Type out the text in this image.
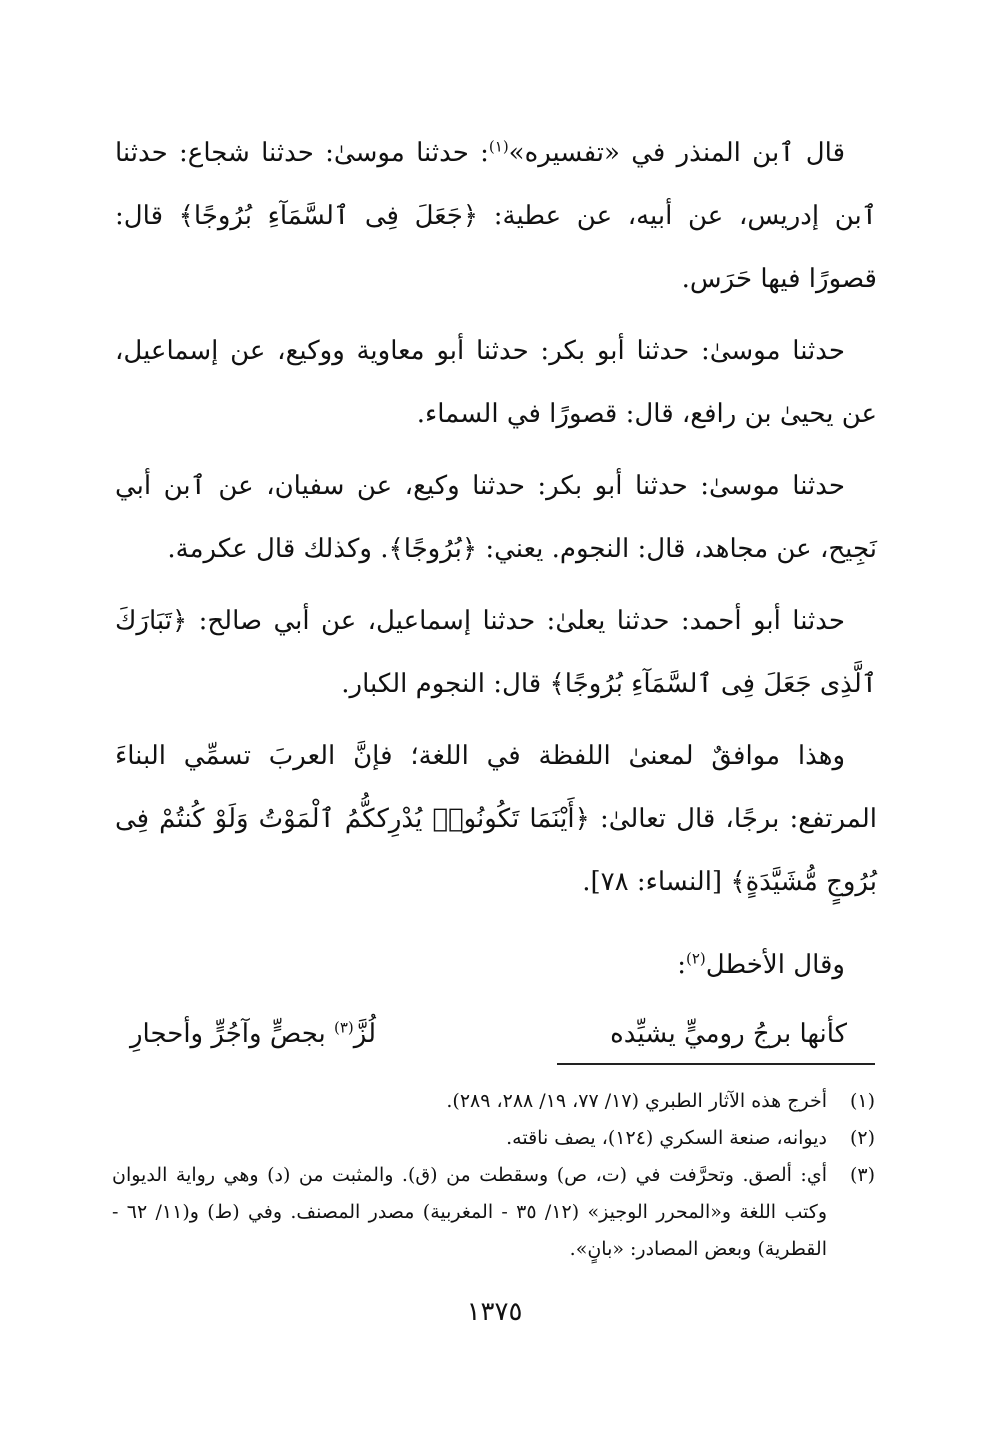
قال ٱبن المنذر في «تفسيره»$^{(١)}$: حدثنا موسىٰ: حدثنا شجاع: حدثنا ٱبن إدريس، عن أبيه، عن عطية: ﴿جَعَلَ فِى ٱلسَّمَآءِ بُرُوجًا﴾ قال: قصورًا فيها حَرَس.

حدثنا موسىٰ: حدثنا أبو بكر: حدثنا أبو معاوية ووكيع، عن إسماعيل، عن يحيىٰ بن رافع، قال: قصورًا في السماء.

حدثنا موسىٰ: حدثنا أبو بكر: حدثنا وكيع، عن سفيان، عن ٱبن أبي نَجِيح، عن مجاهد، قال: النجوم. يعني: ﴿بُرُوجًا﴾. وكذلك قال عكرمة.

حدثنا أبو أحمد: حدثنا يعلىٰ: حدثنا إسماعيل، عن أبي صالح: ﴿تَبَارَكَ ٱلَّذِى جَعَلَ فِى ٱلسَّمَآءِ بُرُوجًا﴾ قال: النجوم الكبار.

وهذا موافقٌ لمعنىٰ اللفظة في اللغة؛ فإنَّ العربَ تسمِّي البناءَ المرتفع: برجًا، قال تعالىٰ: ﴿أَيْنَمَا تَكُونُوا۟ يُدْرِككُّمُ ٱلْمَوْتُ وَلَوْ كُنتُمْ فِى بُرُوجٍ مُّشَيَّدَةٍ﴾ [النساء: ٧٨].

وقال الأخطل$^{(٢)}$:

كأنها برجُ روميٍّ يشيِّده
لُزَّ$^{(٣)}$ بجصٍّ وآجُرٍّ وأحجارِ
(١)
أخرج هذه الآثار الطبري (١٧/ ٧٧، ١٩/ ٢٨٨، ٢٨٩).
(٢)
ديوانه، صنعة السكري (١٢٤)، يصف ناقته.
(٣)
أي: ألصق. وتحرَّفت في (ت، ص) وسقطت من (ق). والمثبت من (د) وهي رواية الديوان وكتب اللغة و«المحرر الوجيز» (١٢/ ٣٥ - المغربية) مصدر المصنف. وفي (ط) و(١١/ ٦٢ - القطرية) وبعض المصادر: «بانٍ».
١٣٧٥
